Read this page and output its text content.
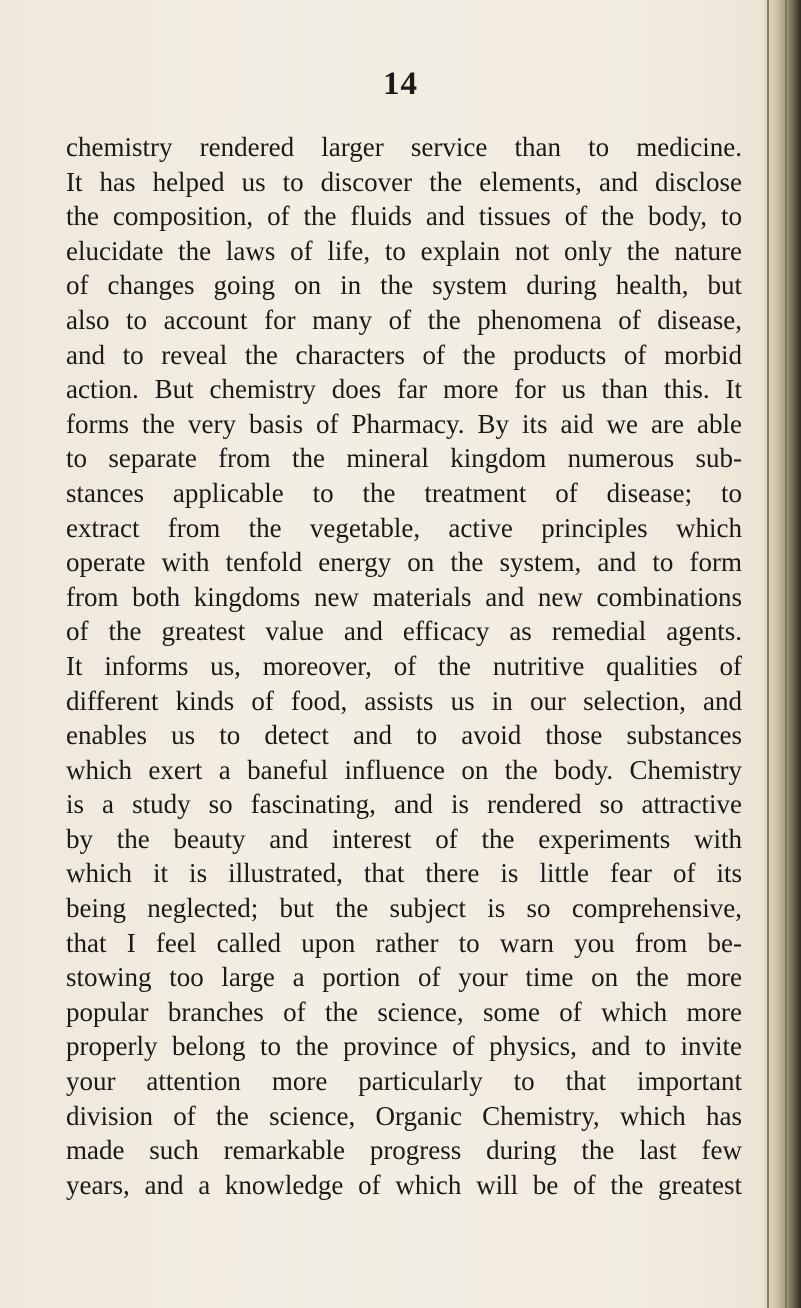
14
chemistry rendered larger service than to medicine.
It has helped us to discover the elements, and disclose
the composition, of the fluids and tissues of the body, to
elucidate the laws of life, to explain not only the nature
of changes going on in the system during health, but
also to account for many of the phenomena of disease,
and to reveal the characters of the products of morbid
action. But chemistry does far more for us than this. It
forms the very basis of Pharmacy. By its aid we are able
to separate from the mineral kingdom numerous sub-
stances applicable to the treatment of disease; to
extract from the vegetable, active principles which
operate with tenfold energy on the system, and to form
from both kingdoms new materials and new combinations
of the greatest value and efficacy as remedial agents.
It informs us, moreover, of the nutritive qualities of
different kinds of food, assists us in our selection, and
enables us to detect and to avoid those substances
which exert a baneful influence on the body. Chemistry
is a study so fascinating, and is rendered so attractive
by the beauty and interest of the experiments with
which it is illustrated, that there is little fear of its
being neglected; but the subject is so comprehensive,
that I feel called upon rather to warn you from be-
stowing too large a portion of your time on the more
popular branches of the science, some of which more
properly belong to the province of physics, and to invite
your attention more particularly to that important
division of the science, Organic Chemistry, which has
made such remarkable progress during the last few
years, and a knowledge of which will be of the greatest
